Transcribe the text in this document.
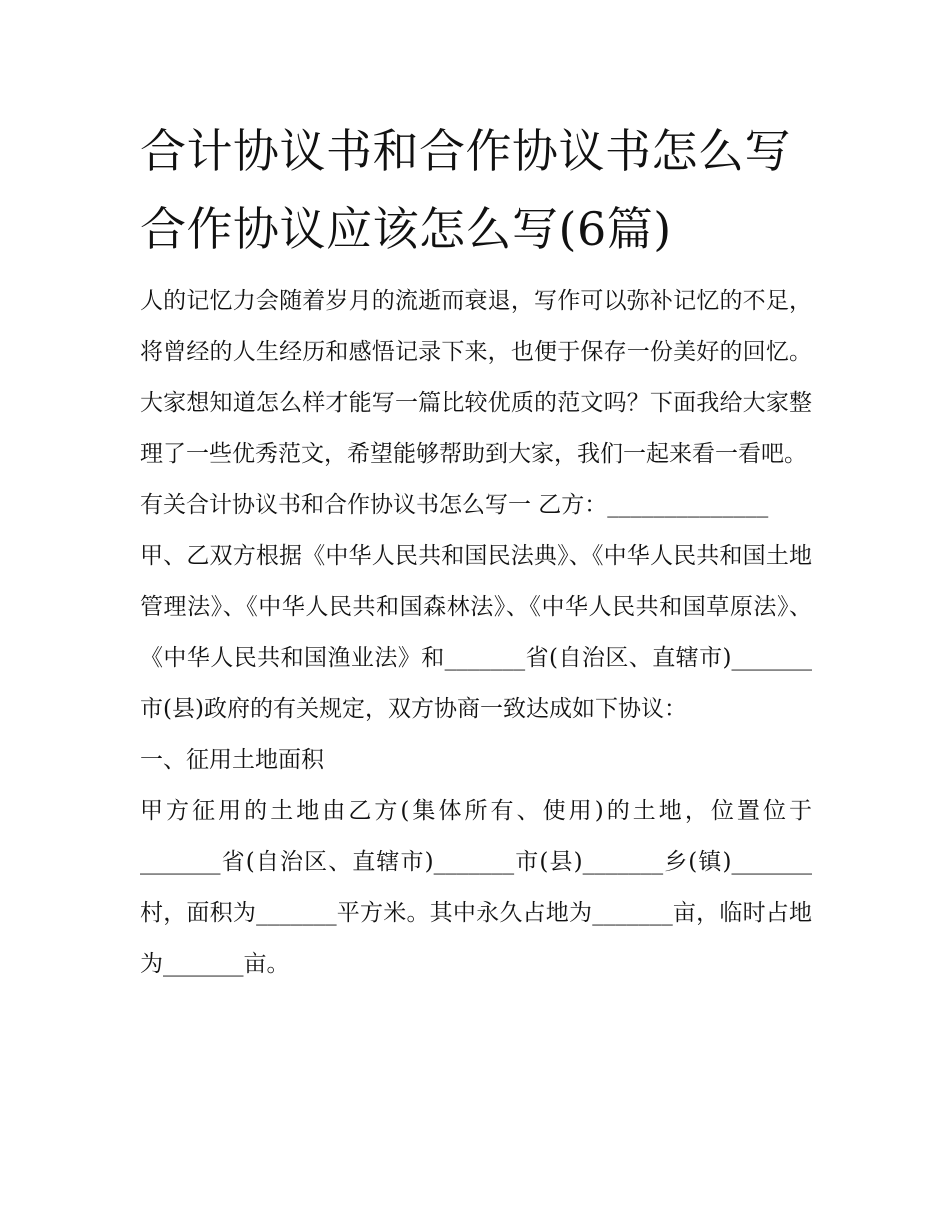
合计协议书和合作协议书怎么写 合作协议应该怎么写(6篇)

人的记忆力会随着岁月的流逝而衰退，写作可以弥补记忆的不足，将曾经的人生经历和感悟记录下来，也便于保存一份美好的回忆。大家想知道怎么样才能写一篇比较优质的范文吗？下面我给大家整理了一些优秀范文，希望能够帮助到大家，我们一起来看一看吧。

有关合计协议书和合作协议书怎么写一 乙方：______________

甲、乙双方根据《中华人民共和国民法典》、《中华人民共和国土地管理法》、《中华人民共和国森林法》、《中华人民共和国草原法》、《中华人民共和国渔业法》和_______省(自治区、直辖市)_______市(县)政府的有关规定，双方协商一致达成如下协议：

一、征用土地面积

甲方征用的土地由乙方(集体所有、使用)的土地，位置位于_______省(自治区、直辖市)_______市(县)_______乡(镇)_______村，面积为_______平方米。其中永久占地为_______亩，临时占地为_______亩。
